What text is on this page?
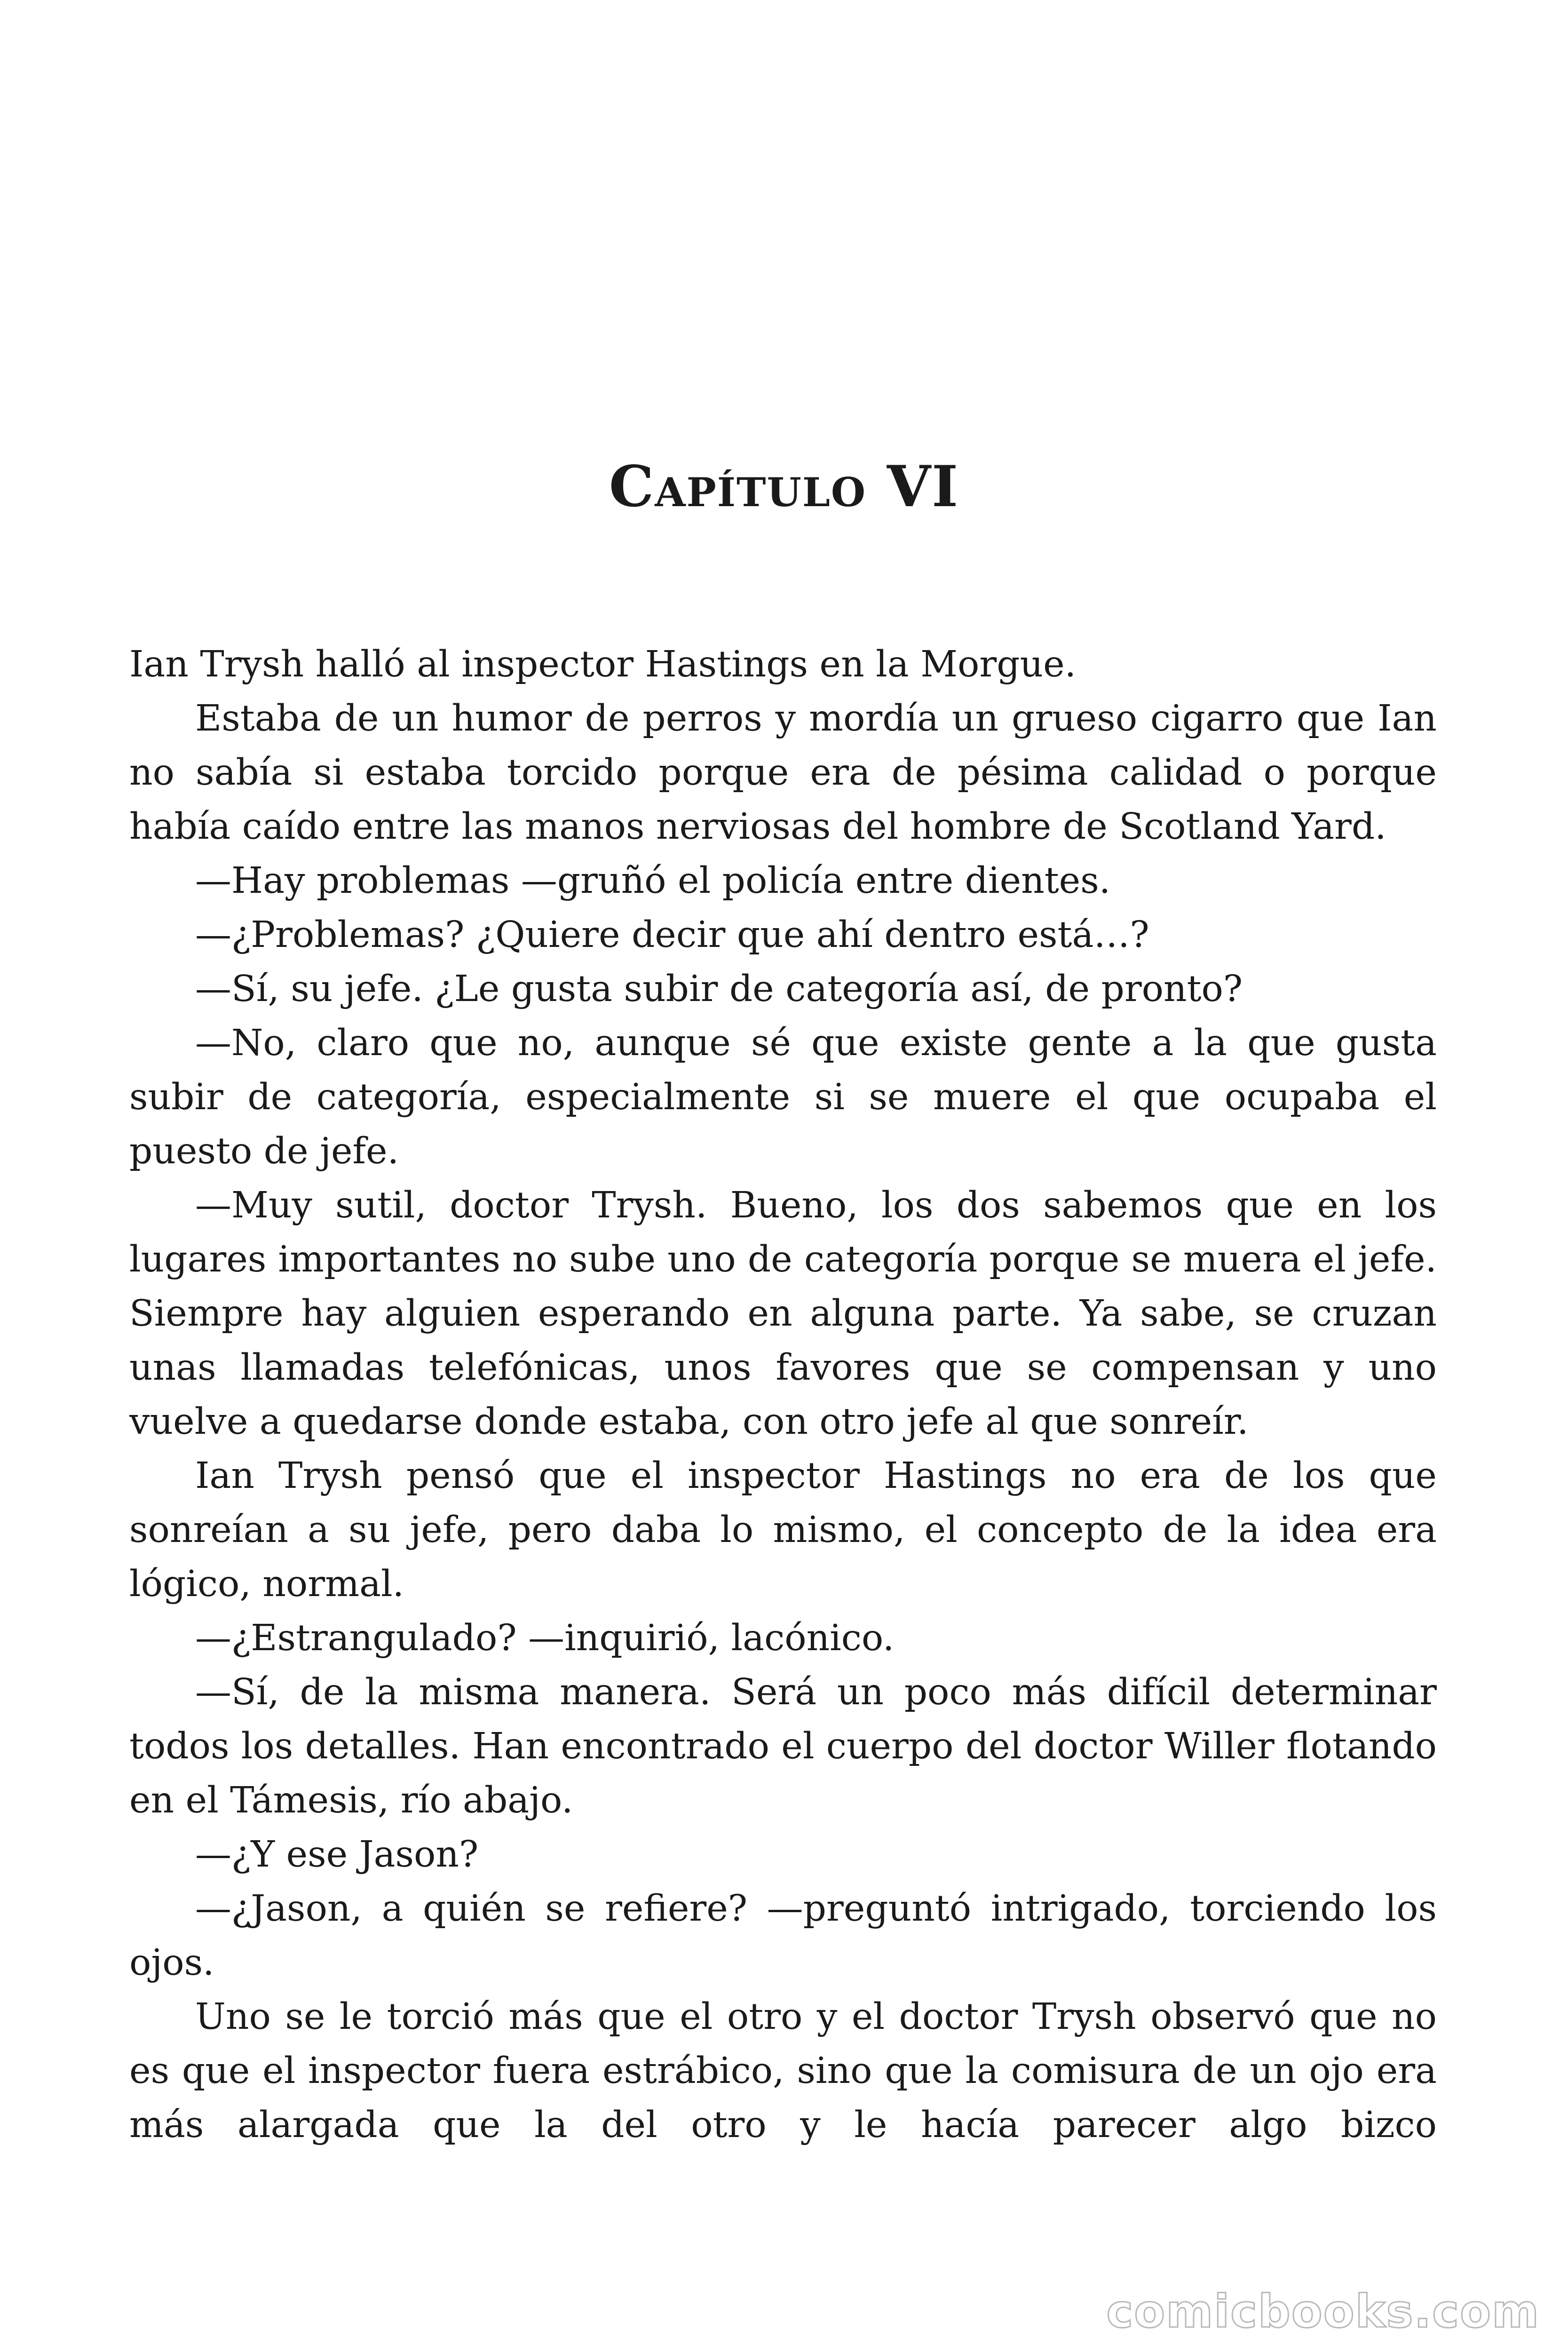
Capítulo VI

Ian Trysh halló al inspector Hastings en la Morgue.

Estaba de un humor de perros y mordía un grueso cigarro que Ian no sabía si estaba torcido porque era de pésima calidad o porque había caído entre las manos nerviosas del hombre de Scotland Yard.

—Hay problemas —gruñó el policía entre dientes.

—¿Problemas? ¿Quiere decir que ahí dentro está…?

—Sí, su jefe. ¿Le gusta subir de categoría así, de pronto?

—No, claro que no, aunque sé que existe gente a la que gusta subir de categoría, especialmente si se muere el que ocupaba el puesto de jefe.

—Muy sutil, doctor Trysh. Bueno, los dos sabemos que en los lugares importantes no sube uno de categoría porque se muera el jefe. Siempre hay alguien esperando en alguna parte. Ya sabe, se cruzan unas llamadas telefónicas, unos favores que se compensan y uno vuelve a quedarse donde estaba, con otro jefe al que sonreír.

Ian Trysh pensó que el inspector Hastings no era de los que sonreían a su jefe, pero daba lo mismo, el concepto de la idea era lógico, normal.

—¿Estrangulado? —inquirió, lacónico.

—Sí, de la misma manera. Será un poco más difícil determinar todos los detalles. Han encontrado el cuerpo del doctor Willer flotando en el Támesis, río abajo.

—¿Y ese Jason?

—¿Jason, a quién se refiere? —preguntó intrigado, torciendo los ojos.

Uno se le torció más que el otro y el doctor Trysh observó que no es que el inspector fuera estrábico, sino que la comisura de un ojo era más alargada que la del otro y le hacía parecer algo bizco

comicbooks.com
